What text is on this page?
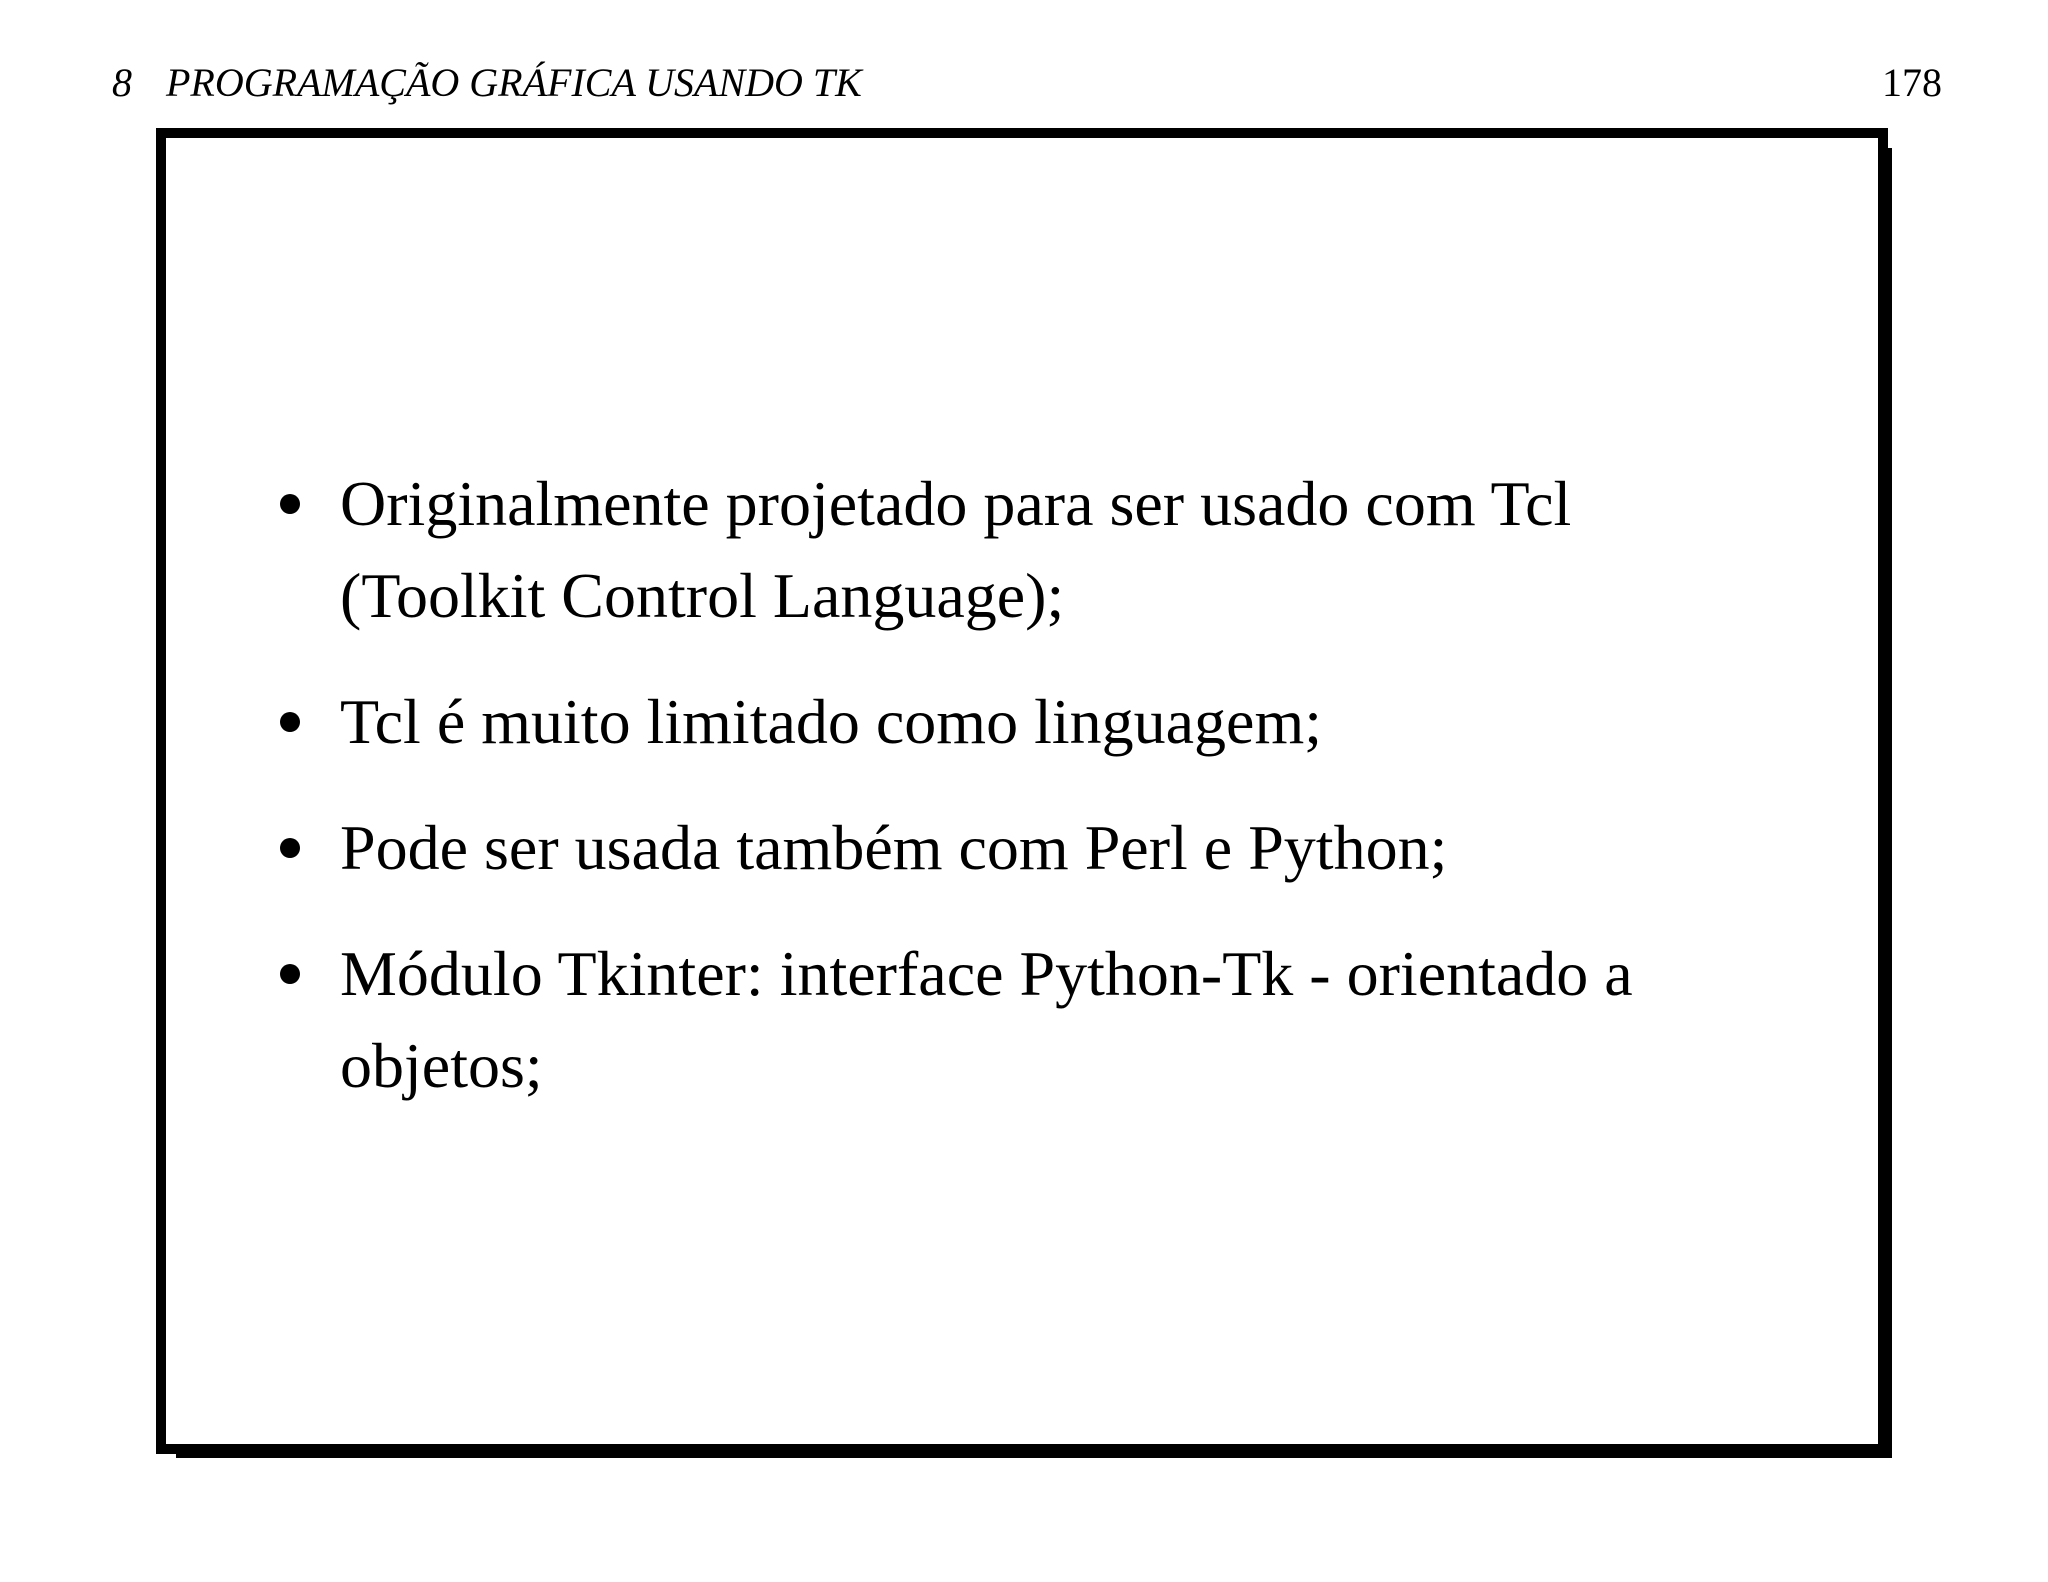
8 PROGRAMAÇÃO GRÁFICA USANDO TK	178
Originalmente projetado para ser usado com Tcl (Toolkit Control Language);
Tcl é muito limitado como linguagem;
Pode ser usada também com Perl e Python;
Módulo Tkinter: interface Python-Tk - orientado a objetos;
